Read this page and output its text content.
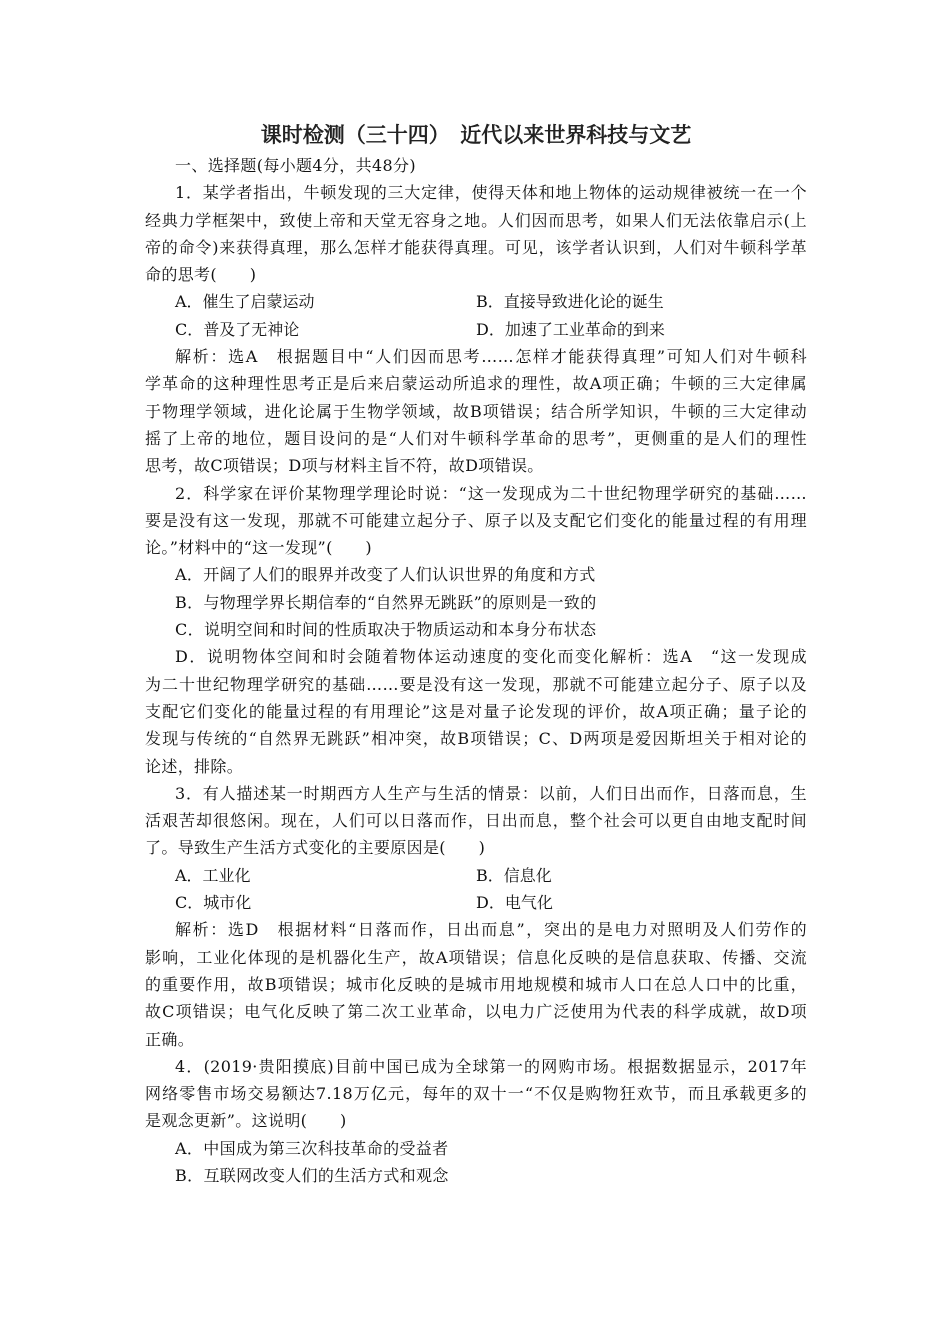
课时检测（三十四）　近代以来世界科技与文艺
一、选择题(每小题4分，共48分)
1．某学者指出，牛顿发现的三大定律，使得天体和地上物体的运动规律被统一在一个
经典力学框架中，致使上帝和天堂无容身之地。人们因而思考，如果人们无法依靠启示(上
帝的命令)来获得真理，那么怎样才能获得真理。可见，该学者认识到，人们对牛顿科学革
命的思考(　　)
A．催生了启蒙运动	B．直接导致进化论的诞生
C．普及了无神论	D．加速了工业革命的到来
解析：选A　根据题目中“人们因而思考……怎样才能获得真理”可知人们对牛顿科
学革命的这种理性思考正是后来启蒙运动所追求的理性，故A项正确；牛顿的三大定律属
于物理学领域，进化论属于生物学领域，故B项错误；结合所学知识，牛顿的三大定律动
摇了上帝的地位，题目设问的是“人们对牛顿科学革命的思考”，更侧重的是人们的理性
思考，故C项错误；D项与材料主旨不符，故D项错误。
2．科学家在评价某物理学理论时说：“这一发现成为二十世纪物理学研究的基础……
要是没有这一发现，那就不可能建立起分子、原子以及支配它们变化的能量过程的有用理
论。”材料中的“这一发现”(　　)
A．开阔了人们的眼界并改变了人们认识世界的角度和方式
B．与物理学界长期信奉的“自然界无跳跃”的原则是一致的
C．说明空间和时间的性质取决于物质运动和本身分布状态
D．说明物体空间和时会随着物体运动速度的变化而变化解析：选A　“这一发现成
为二十世纪物理学研究的基础……要是没有这一发现，那就不可能建立起分子、原子以及
支配它们变化的能量过程的有用理论”这是对量子论发现的评价，故A项正确；量子论的
发现与传统的“自然界无跳跃”相冲突，故B项错误；C、D两项是爱因斯坦关于相对论的
论述，排除。
3．有人描述某一时期西方人生产与生活的情景：以前，人们日出而作，日落而息，生
活艰苦却很悠闲。现在，人们可以日落而作，日出而息，整个社会可以更自由地支配时间
了。导致生产生活方式变化的主要原因是(　　)
A．工业化	B．信息化
C．城市化	D．电气化
解析：选D　根据材料“日落而作，日出而息”，突出的是电力对照明及人们劳作的
影响，工业化体现的是机器化生产，故A项错误；信息化反映的是信息获取、传播、交流
的重要作用，故B项错误；城市化反映的是城市用地规模和城市人口在总人口中的比重，
故C项错误；电气化反映了第二次工业革命，以电力广泛使用为代表的科学成就，故D项
正确。
4．(2019·贵阳摸底)目前中国已成为全球第一的网购市场。根据数据显示，2017年
网络零售市场交易额达7.18万亿元，每年的双十一“不仅是购物狂欢节，而且承载更多的
是观念更新”。这说明(　　)
A．中国成为第三次科技革命的受益者
B．互联网改变人们的生活方式和观念
